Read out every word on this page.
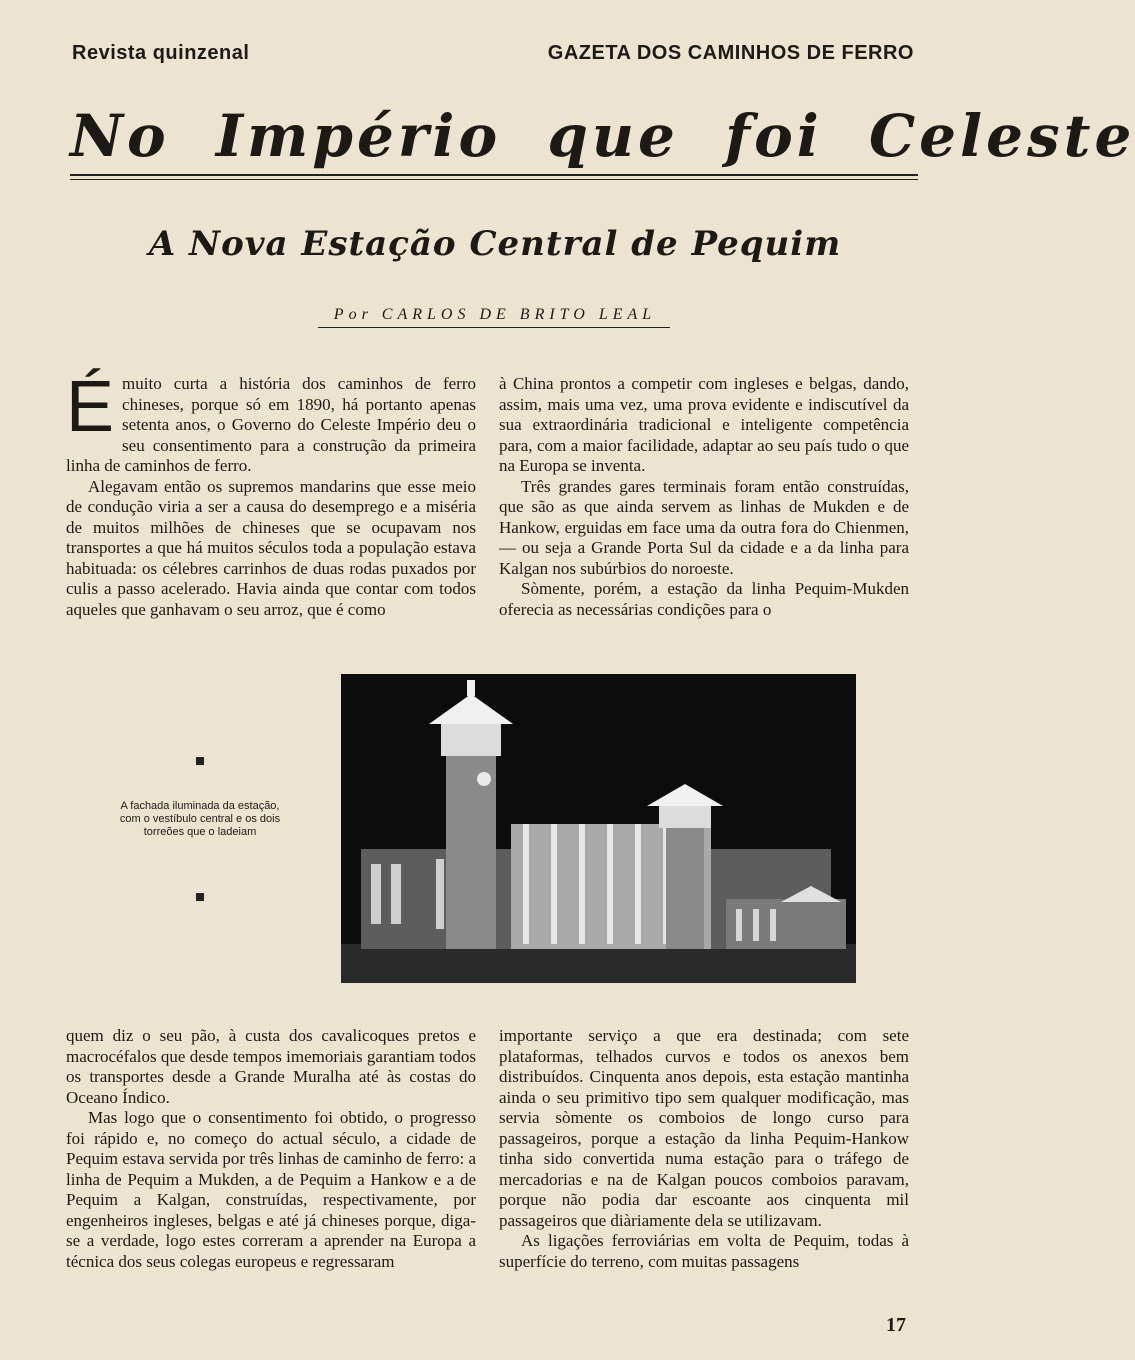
Revista quinzenal	GAZETA DOS CAMINHOS DE FERRO
No Império que foi Celeste
A Nova Estação Central de Pequim
Por CARLOS DE BRITO LEAL

Émuito curta a história dos caminhos de ferro chineses, porque só em 1890, há portanto apenas setenta anos, o Governo do Celeste Império deu o seu consentimento para a construção da primeira linha de caminhos de ferro.

Alegavam então os supremos mandarins que esse meio de condução viria a ser a causa do desemprego e a miséria de muitos milhões de chineses que se ocupavam nos transportes a que há muitos séculos toda a população estava habituada: os célebres carrinhos de duas rodas puxados por culis a passo acelerado. Havia ainda que contar com todos aqueles que ganhavam o seu arroz, que é como

à China prontos a competir com ingleses e belgas, dando, assim, mais uma vez, uma prova evidente e indiscutível da sua extraordinária tradicional e inteligente competência para, com a maior facilidade, adaptar ao seu país tudo o que na Europa se inventa.

Três grandes gares terminais foram então construídas, que são as que ainda servem as linhas de Mukden e de Hankow, erguidas em face uma da outra fora do Chienmen, — ou seja a Grande Porta Sul da cidade e a da linha para Kalgan nos subúrbios do noroeste.

Sòmente, porém, a estação da linha Pequim-Mukden oferecia as necessárias condições para o

A fachada iluminada da estação, com o vestíbulo central e os dois torreões que o ladeiam

quem diz o seu pão, à custa dos cavalicoques pretos e macrocéfalos que desde tempos imemoriais garantiam todos os transportes desde a Grande Muralha até às costas do Oceano Índico.

Mas logo que o consentimento foi obtido, o progresso foi rápido e, no começo do actual século, a cidade de Pequim estava servida por três linhas de caminho de ferro: a linha de Pequim a Mukden, a de Pequim a Hankow e a de Pequim a Kalgan, construídas, respectivamente, por engenheiros ingleses, belgas e até já chineses porque, diga-se a verdade, logo estes correram a aprender na Europa a técnica dos seus colegas europeus e regressaram

importante serviço a que era destinada; com sete plataformas, telhados curvos e todos os anexos bem distribuídos. Cinquenta anos depois, esta estação mantinha ainda o seu primitivo tipo sem qualquer modificação, mas servia sòmente os comboios de longo curso para passageiros, porque a estação da linha Pequim-Hankow tinha sido convertida numa estação para o tráfego de mercadorias e na de Kalgan poucos comboios paravam, porque não podia dar escoante aos cinquenta mil passageiros que diàriamente dela se utilizavam.

As ligações ferroviárias em volta de Pequim, todas à superfície do terreno, com muitas passagens

17
